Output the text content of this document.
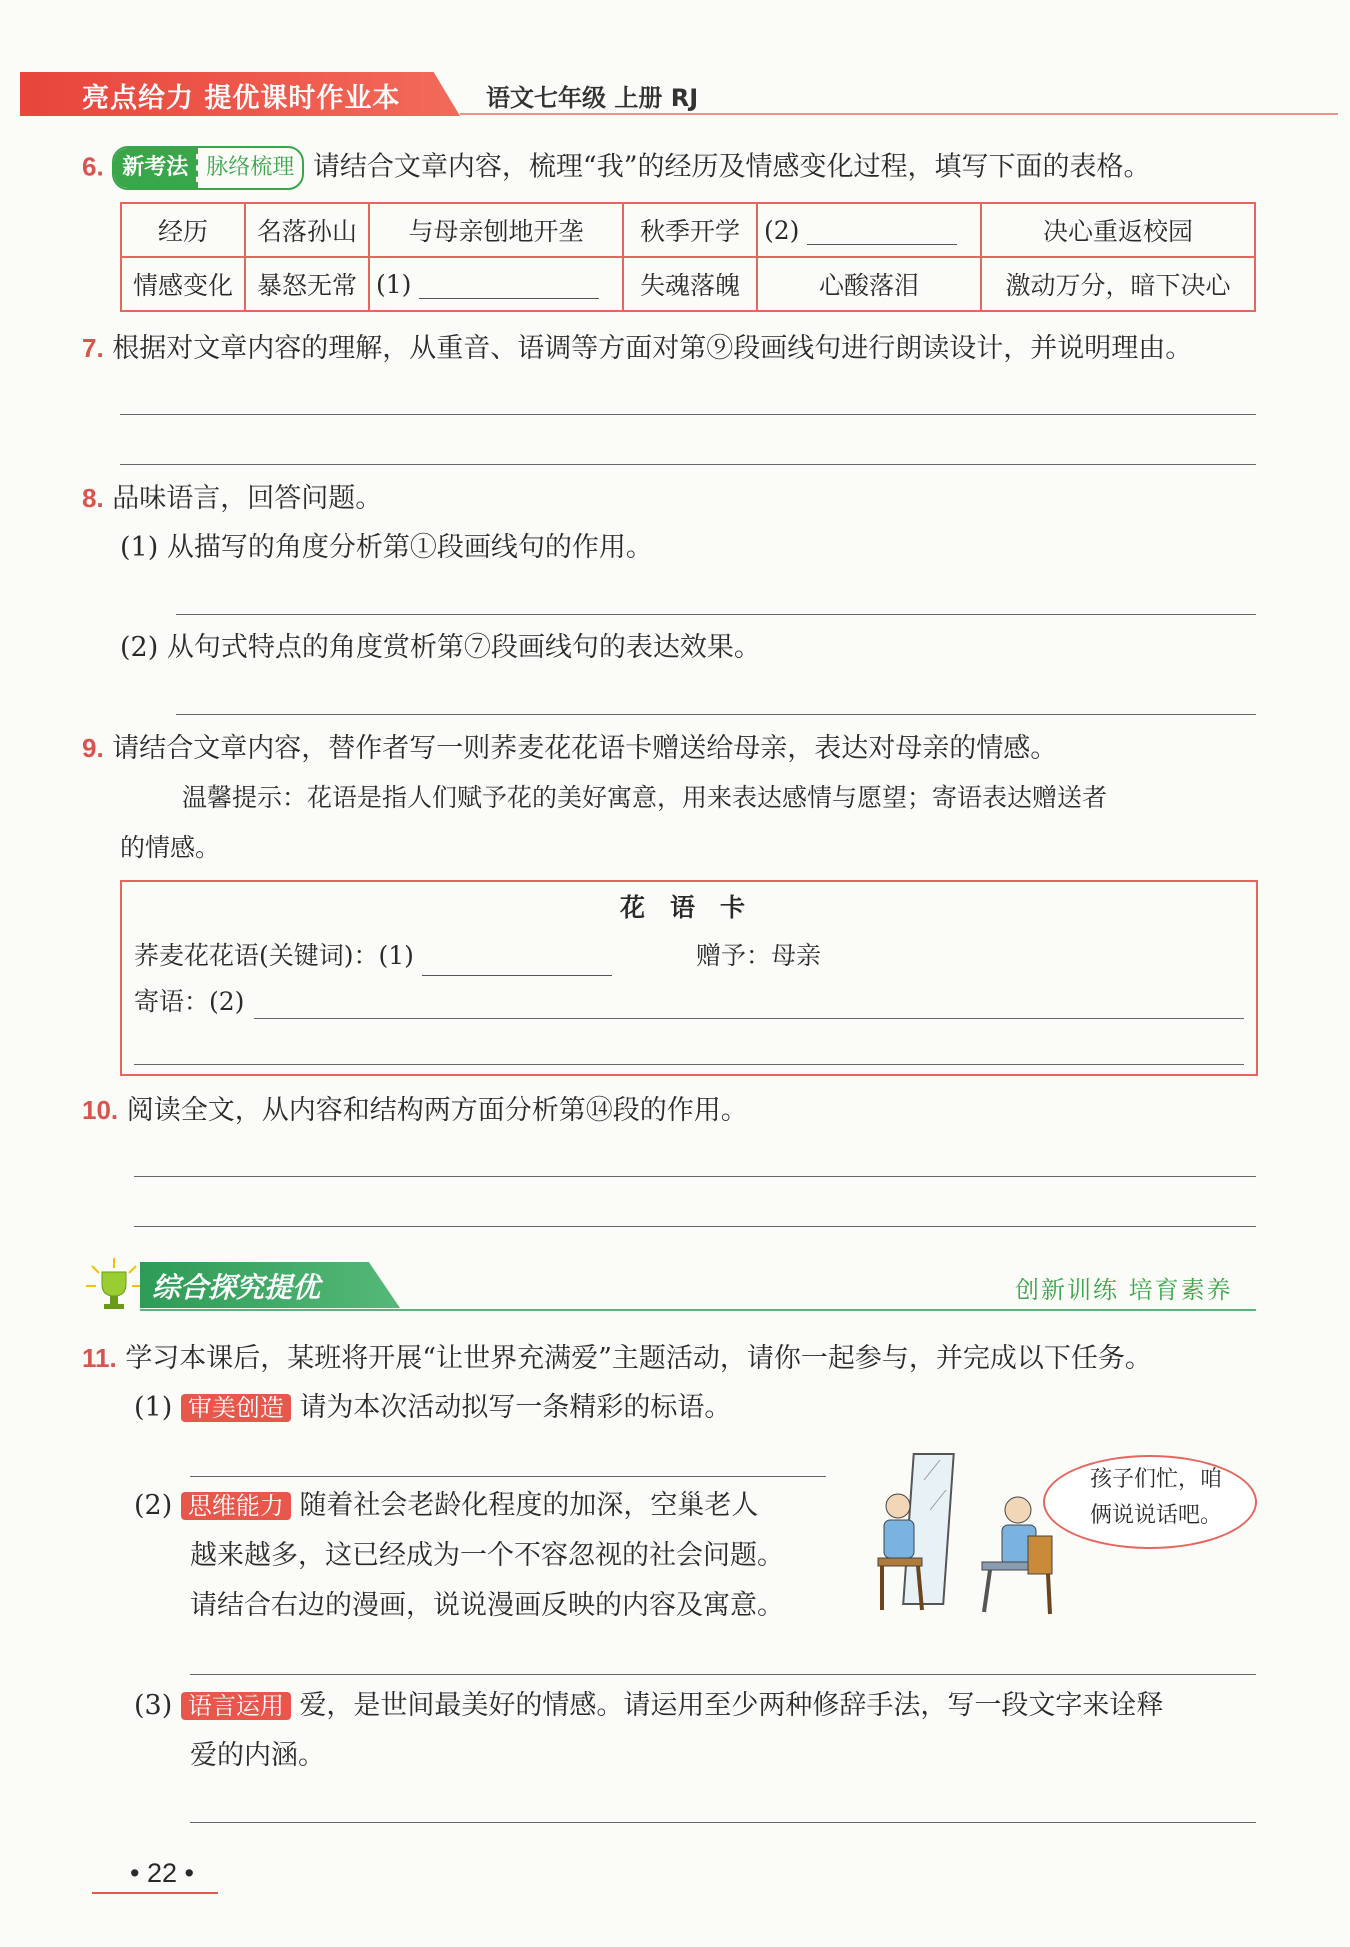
亮点给力 提优课时作业本	语文七年级 上册 RJ
6. 新考法 脉络梳理 请结合文章内容，梳理“我”的经历及情感变化过程，填写下面的表格。
经历	名落孙山	与母亲刨地开垄	秋季开学	(2)	决心重返校园
情感变化	暴怒无常	(1)	失魂落魄	心酸落泪	激动万分，暗下决心
7. 根据对文章内容的理解，从重音、语调等方面对第⑨段画线句进行朗读设计，并说明理由。
8. 品味语言，回答问题。
(1) 从描写的角度分析第①段画线句的作用。
(2) 从句式特点的角度赏析第⑦段画线句的表达效果。
9. 请结合文章内容，替作者写一则荞麦花花语卡赠送给母亲，表达对母亲的情感。
温馨提示：花语是指人们赋予花的美好寓意，用来表达感情与愿望；寄语表达赠送者
的情感。
花　语　卡
荞麦花花语(关键词)：(1)	赠予：母亲
寄语：(2)
10. 阅读全文，从内容和结构两方面分析第⑭段的作用。
综合探究提优	创新训练 培育素养
11. 学习本课后，某班将开展“让世界充满爱”主题活动，请你一起参与，并完成以下任务。
(1) 审美创造 请为本次活动拟写一条精彩的标语。
(2) 思维能力 随着社会老龄化程度的加深，空巢老人
越来越多，这已经成为一个不容忽视的社会问题。
请结合右边的漫画，说说漫画反映的内容及寓意。
孩子们忙，咱俩说说话吧。
(3) 语言运用 爱，是世间最美好的情感。请运用至少两种修辞手法，写一段文字来诠释
爱的内涵。
• 22 •
